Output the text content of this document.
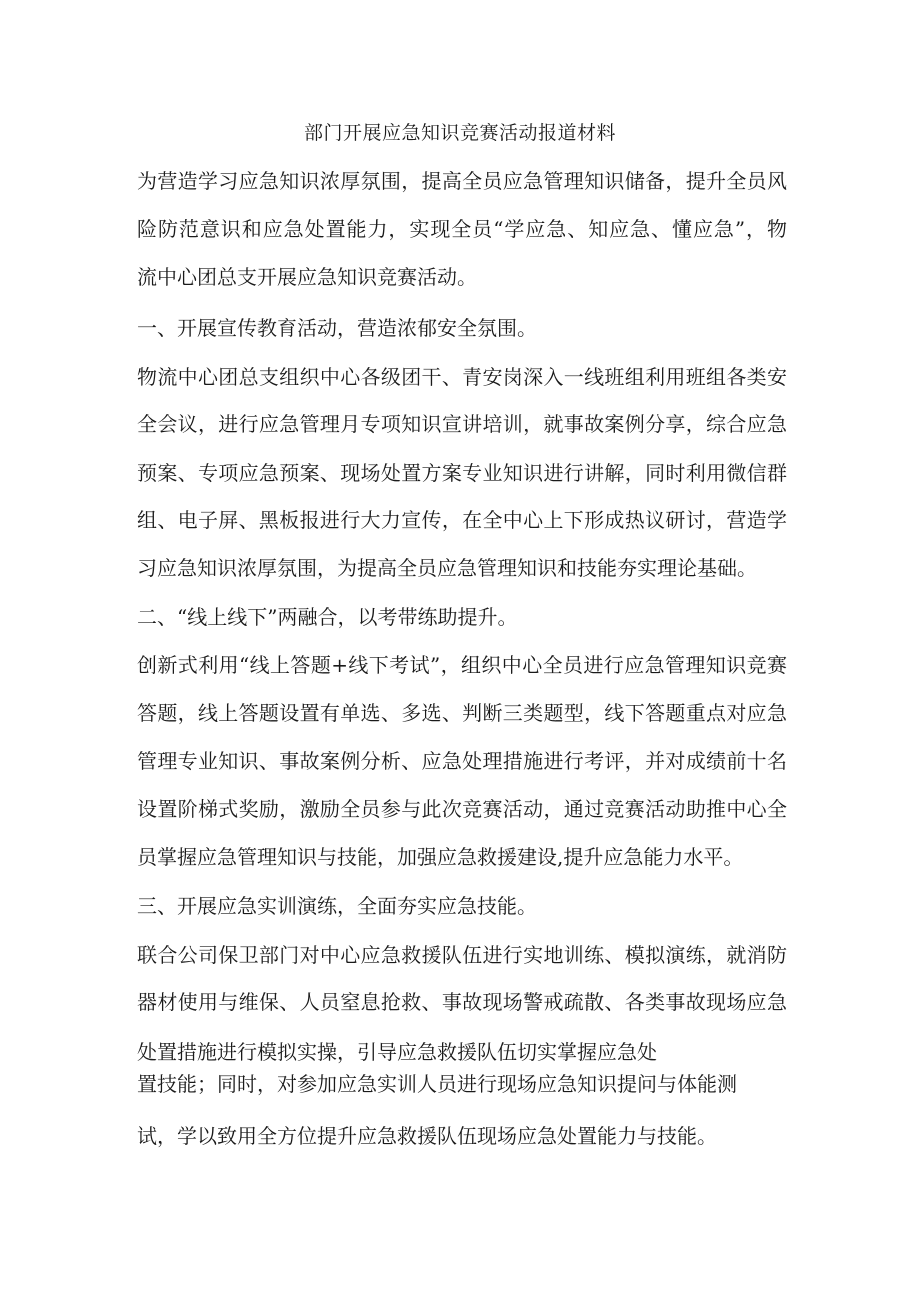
部门开展应急知识竞赛活动报道材料
为营造学习应急知识浓厚氛围，提高全员应急管理知识储备，提升全员风
险防范意识和应急处置能力，实现全员“学应急、知应急、懂应急”，物
流中心团总支开展应急知识竞赛活动。
一、开展宣传教育活动，营造浓郁安全氛围。
物流中心团总支组织中心各级团干、青安岗深入一线班组利用班组各类安
全会议，进行应急管理月专项知识宣讲培训，就事故案例分享，综合应急
预案、专项应急预案、现场处置方案专业知识进行讲解，同时利用微信群
组、电子屏、黑板报进行大力宣传，在全中心上下形成热议研讨，营造学
习应急知识浓厚氛围，为提高全员应急管理知识和技能夯实理论基础。
二、“线上线下”两融合，以考带练助提升。
创新式利用“线上答题+线下考试”，组织中心全员进行应急管理知识竞赛
答题，线上答题设置有单选、多选、判断三类题型，线下答题重点对应急
管理专业知识、事故案例分析、应急处理措施进行考评，并对成绩前十名
设置阶梯式奖励，激励全员参与此次竞赛活动，通过竞赛活动助推中心全
员掌握应急管理知识与技能，加强应急救援建设,提升应急能力水平。
三、开展应急实训演练，全面夯实应急技能。
联合公司保卫部门对中心应急救援队伍进行实地训练、模拟演练，就消防
器材使用与维保、人员窒息抢救、事故现场警戒疏散、各类事故现场应急
处置措施进行模拟实操，引导应急救援队伍切实掌握应急处
置技能；同时，对参加应急实训人员进行现场应急知识提问与体能测
试，学以致用全方位提升应急救援队伍现场应急处置能力与技能。
